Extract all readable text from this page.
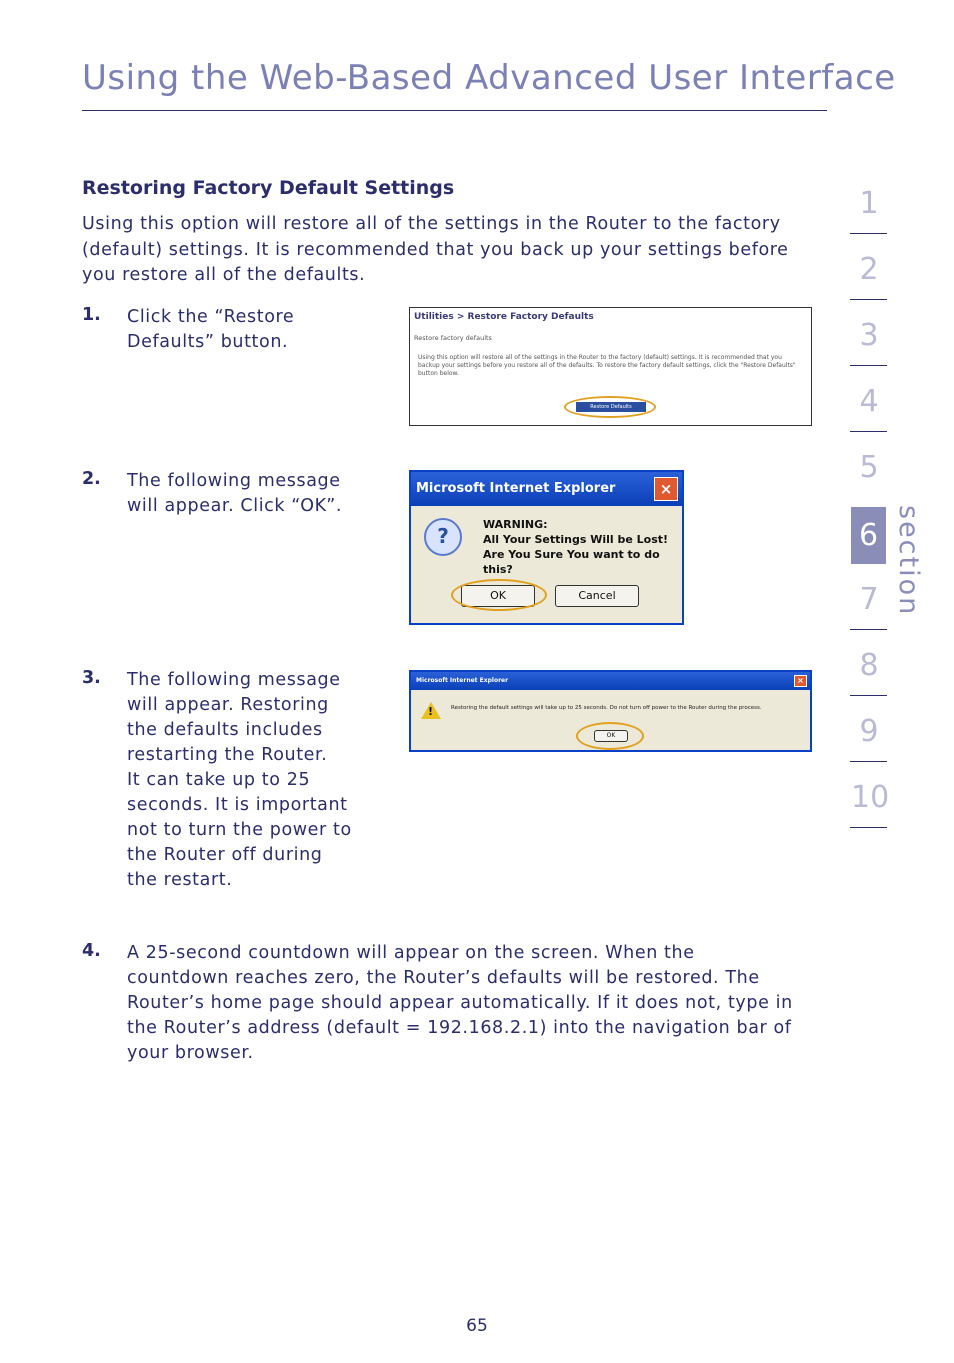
Using the Web-Based Advanced User Interface
Restoring Factory Default Settings
Using this option will restore all of the settings in the Router to the factory (default) settings. It is recommended that you back up your settings before you restore all of the defaults.
1. Click the “Restore
Defaults” button.
2. The following message
will appear. Click “OK”.
3. The following message
will appear. Restoring
the defaults includes
restarting the Router.
It can take up to 25
seconds. It is important
not to turn the power to
the Router off during
the restart.
4. A 25-second countdown will appear on the screen. When the
countdown reaches zero, the Router’s defaults will be restored. The
Router’s home page should appear automatically. If it does not, type in
the Router’s address (default = 192.168.2.1) into the navigation bar of
your browser.
Utilities > Restore Factory Defaults
Restore factory defaults
Using this option will restore all of the settings in the Router to the factory (default) settings. It is recommended that you backup your settings before you restore all of the defaults. To restore the factory default settings, click the "Restore Defaults" button below.
Restore Defaults
Microsoft Internet Explorer	×
?	WARNING:
All Your Settings Will be Lost!
Are You Sure You want to do this?
OK	Cancel
Microsoft Internet Explorer	×
!	Restoring the default settings will take up to 25 seconds. Do not turn off power to the Router during the process.
OK
1
2
3
4
5
6
7
8
9
10
section
65
